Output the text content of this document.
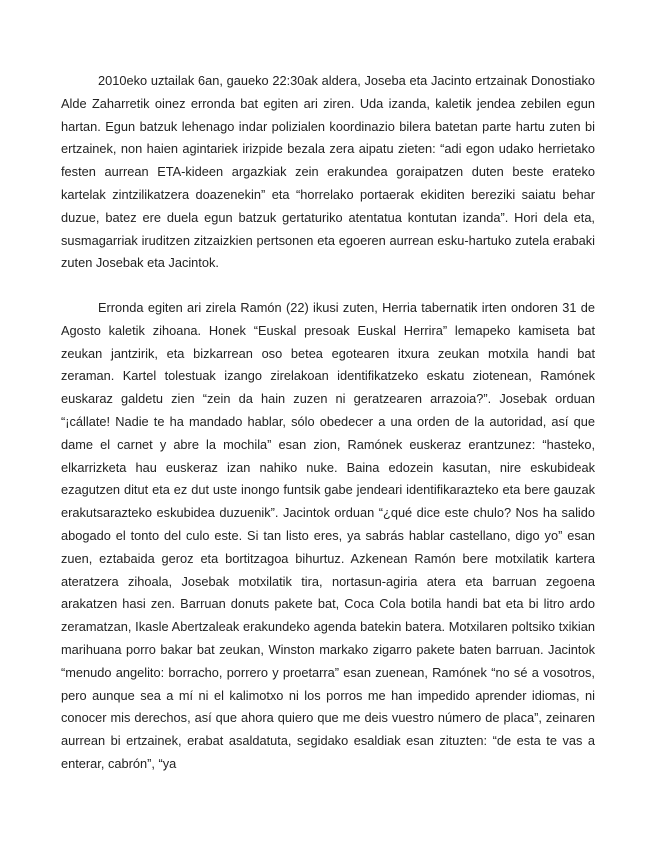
2010eko uztailak 6an, gaueko 22:30ak aldera, Joseba eta Jacinto ertzainak Donostiako Alde Zaharretik oinez erronda bat egiten ari ziren. Uda izanda, kaletik jendea zebilen egun hartan. Egun batzuk lehenago indar polizialen koordinazio bilera batetan parte hartu zuten bi ertzainek, non haien agintariek irizpide bezala zera aipatu zieten: “adi egon udako herrietako festen aurrean ETA-kideen argazkiak zein erakundea goraipatzen duten beste erateko kartelak zintzilikatzera doazenekin” eta “horrelako portaerak ekiditen bereziki saiatu behar duzue, batez ere duela egun batzuk gertaturiko atentatua kontutan izanda”. Hori dela eta, susmagarriak iruditzen zitzaizkien pertsonen eta egoeren aurrean esku-hartuko zutela erabaki zuten Josebak eta Jacintok.

Erronda egiten ari zirela Ramón (22) ikusi zuten, Herria tabernatik irten ondoren 31 de Agosto kaletik zihoana. Honek “Euskal presoak Euskal Herrira” lemapeko kamiseta bat zeukan jantzirik, eta bizkarrean oso betea egotearen itxura zeukan motxila handi bat zeraman. Kartel tolestuak izango zirelakoan identifikatzeko eskatu ziotenean, Ramónek euskaraz galdetu zien “zein da hain zuzen ni geratzearen arrazoia?”. Josebak orduan “¡cállate! Nadie te ha mandado hablar, sólo obedecer a una orden de la autoridad, así que dame el carnet y abre la mochila” esan zion, Ramónek euskeraz erantzunez: “hasteko, elkarrizketa hau euskeraz izan nahiko nuke. Baina edozein kasutan, nire eskubideak ezagutzen ditut eta ez dut uste inongo funtsik gabe jendeari identifikarazteko eta bere gauzak erakutsarazteko eskubidea duzuenik”. Jacintok orduan “¿qué dice este chulo? Nos ha salido abogado el tonto del culo este. Si tan listo eres, ya sabrás hablar castellano, digo yo” esan zuen, eztabaida geroz eta bortitzagoa bihurtuz. Azkenean Ramón bere motxilatik kartera ateratzera zihoala, Josebak motxilatik tira, nortasun-agiria atera eta barruan zegoena arakatzen hasi zen. Barruan donuts pakete bat, Coca Cola botila handi bat eta bi litro ardo zeramatzan, Ikasle Abertzaleak erakundeko agenda batekin batera. Motxilaren poltsiko txikian marihuana porro bakar bat zeukan, Winston markako zigarro pakete baten barruan. Jacintok “menudo angelito: borracho, porrero y proetarra” esan zuenean, Ramónek “no sé a vosotros, pero aunque sea a mí ni el kalimotxo ni los porros me han impedido aprender idiomas, ni conocer mis derechos, así que ahora quiero que me deis vuestro número de placa”, zeinaren aurrean bi ertzainek, erabat asaldatuta, segidako esaldiak esan zituzten: “de esta te vas a enterar, cabrón”, “ya
